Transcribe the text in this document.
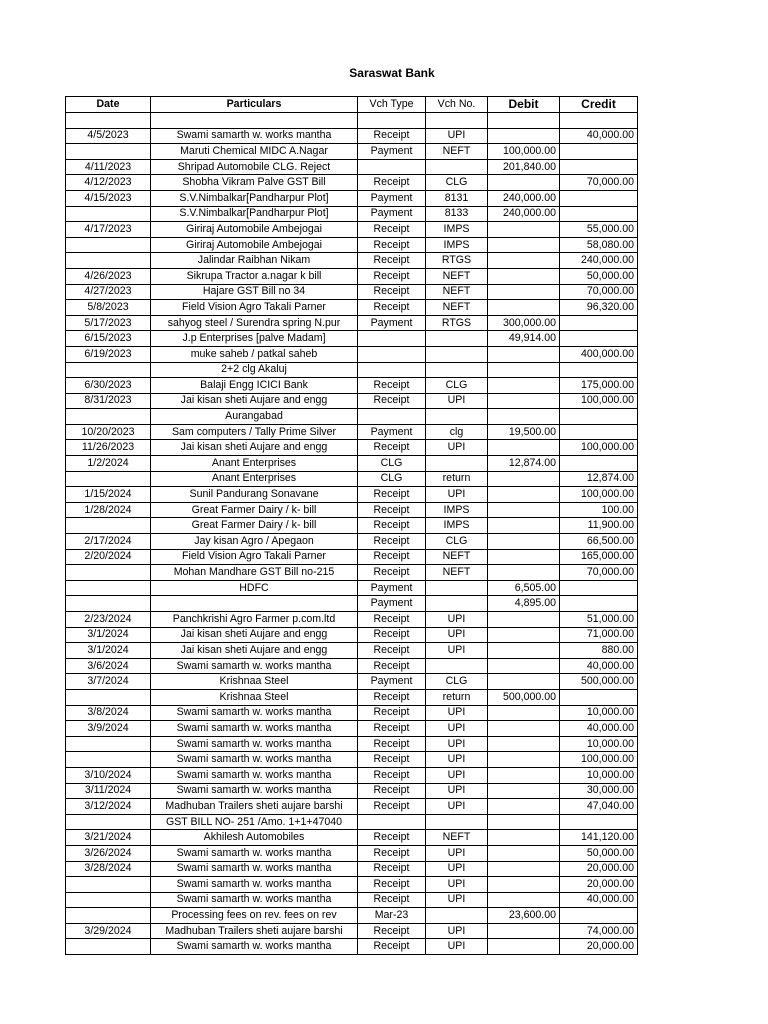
Saraswat Bank
Date	Particulars	Vch Type	Vch No.	Debit	Credit

4/5/2023	Swami samarth w. works mantha	Receipt	UPI		40,000.00
	Maruti Chemical MIDC A.Nagar	Payment	NEFT	100,000.00	
4/11/2023	Shripad Automobile CLG. Reject			201,840.00	
4/12/2023	Shobha Vikram Palve GST Bill	Receipt	CLG		70,000.00
4/15/2023	S.V.Nimbalkar[Pandharpur Plot]	Payment	8131	240,000.00	
	S.V.Nimbalkar[Pandharpur Plot]	Payment	8133	240,000.00	
4/17/2023	Giriraj Automobile Ambejogai	Receipt	IMPS		55,000.00
	Giriraj Automobile Ambejogai	Receipt	IMPS		58,080.00
	Jalindar Raibhan Nikam	Receipt	RTGS		240,000.00
4/26/2023	Sikrupa Tractor a.nagar k bill	Receipt	NEFT		50,000.00
4/27/2023	Hajare GST Bill no 34	Receipt	NEFT		70,000.00
5/8/2023	Field Vision Agro Takali Parner	Receipt	NEFT		96,320.00
5/17/2023	sahyog steel / Surendra spring N.pur	Payment	RTGS	300,000.00	
6/15/2023	J.p Enterprises [palve Madam]			49,914.00	
6/19/2023	muke saheb / patkal saheb				400,000.00
	2+2 clg Akaluj				
6/30/2023	Balaji Engg ICICI Bank	Receipt	CLG		175,000.00
8/31/2023	Jai kisan sheti Aujare and engg	Receipt	UPI		100,000.00
	Aurangabad				
10/20/2023	Sam computers / Tally Prime Silver	Payment	clg	19,500.00	
11/26/2023	Jai kisan sheti Aujare and engg	Receipt	UPI		100,000.00
1/2/2024	Anant Enterprises	CLG		12,874.00	
	Anant Enterprises	CLG	return		12,874.00
1/15/2024	Sunil Pandurang Sonavane	Receipt	UPI		100,000.00
1/28/2024	Great Farmer Dairy / k- bill	Receipt	IMPS		100.00
	Great Farmer Dairy / k- bill	Receipt	IMPS		11,900.00
2/17/2024	Jay kisan Agro / Apegaon	Receipt	CLG		66,500.00
2/20/2024	Field Vision Agro Takali Parner	Receipt	NEFT		165,000.00
	Mohan Mandhare GST Bill no-215	Receipt	NEFT		70,000.00
	HDFC	Payment		6,505.00	
		Payment		4,895.00	
2/23/2024	Panchkrishi Agro Farmer p.com.ltd	Receipt	UPI		51,000.00
3/1/2024	Jai kisan sheti Aujare and engg	Receipt	UPI		71,000.00
3/1/2024	Jai kisan sheti Aujare and engg	Receipt	UPI		880.00
3/6/2024	Swami samarth w. works mantha	Receipt			40,000.00
3/7/2024	Krishnaa Steel	Payment	CLG		500,000.00
	Krishnaa Steel	Receipt	return	500,000.00	
3/8/2024	Swami samarth w. works mantha	Receipt	UPI		10,000.00
3/9/2024	Swami samarth w. works mantha	Receipt	UPI		40,000.00
	Swami samarth w. works mantha	Receipt	UPI		10,000.00
	Swami samarth w. works mantha	Receipt	UPI		100,000.00
3/10/2024	Swami samarth w. works mantha	Receipt	UPI		10,000.00
3/11/2024	Swami samarth w. works mantha	Receipt	UPI		30,000.00
3/12/2024	Madhuban Trailers sheti aujare barshi	Receipt	UPI		47,040.00
	GST BILL NO- 251 /Amo. 1+1+47040				
3/21/2024	Akhilesh Automobiles	Receipt	NEFT		141,120.00
3/26/2024	Swami samarth w. works mantha	Receipt	UPI		50,000.00
3/28/2024	Swami samarth w. works mantha	Receipt	UPI		20,000.00
	Swami samarth w. works mantha	Receipt	UPI		20,000.00
	Swami samarth w. works mantha	Receipt	UPI		40,000.00
	Processing fees on rev. fees on rev	Mar-23		23,600.00	
3/29/2024	Madhuban Trailers sheti aujare barshi	Receipt	UPI		74,000.00
	Swami samarth w. works mantha	Receipt	UPI		20,000.00
